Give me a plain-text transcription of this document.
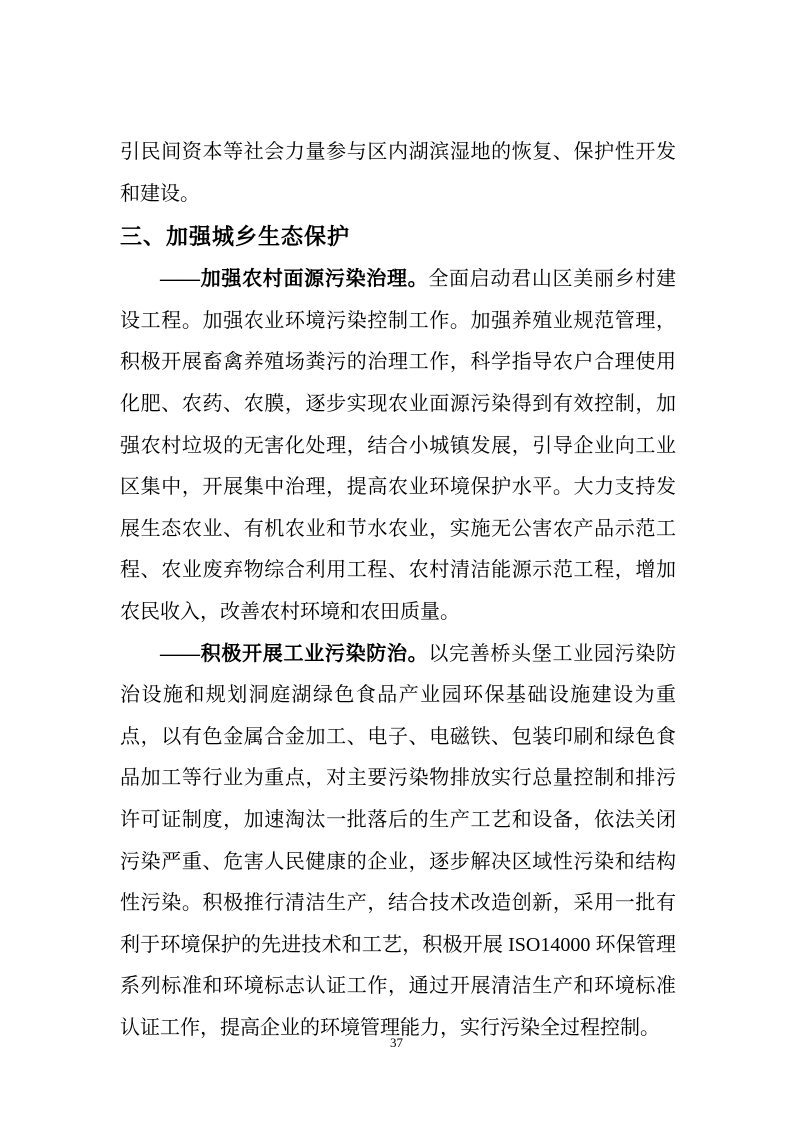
引民间资本等社会力量参与区内湖滨湿地的恢复、保护性开发和建设。

三、加强城乡生态保护

——加强农村面源污染治理。全面启动君山区美丽乡村建设工程。加强农业环境污染控制工作。加强养殖业规范管理，积极开展畜禽养殖场粪污的治理工作，科学指导农户合理使用化肥、农药、农膜，逐步实现农业面源污染得到有效控制，加强农村垃圾的无害化处理，结合小城镇发展，引导企业向工业区集中，开展集中治理，提高农业环境保护水平。大力支持发展生态农业、有机农业和节水农业，实施无公害农产品示范工程、农业废弃物综合利用工程、农村清洁能源示范工程，增加农民收入，改善农村环境和农田质量。

——积极开展工业污染防治。以完善桥头堡工业园污染防治设施和规划洞庭湖绿色食品产业园环保基础设施建设为重点，以有色金属合金加工、电子、电磁铁、包装印刷和绿色食品加工等行业为重点，对主要污染物排放实行总量控制和排污许可证制度，加速淘汰一批落后的生产工艺和设备，依法关闭污染严重、危害人民健康的企业，逐步解决区域性污染和结构性污染。积极推行清洁生产，结合技术改造创新，采用一批有利于环境保护的先进技术和工艺，积极开展 ISO14000 环保管理系列标准和环境标志认证工作，通过开展清洁生产和环境标准认证工作，提高企业的环境管理能力，实行污染全过程控制。

37
